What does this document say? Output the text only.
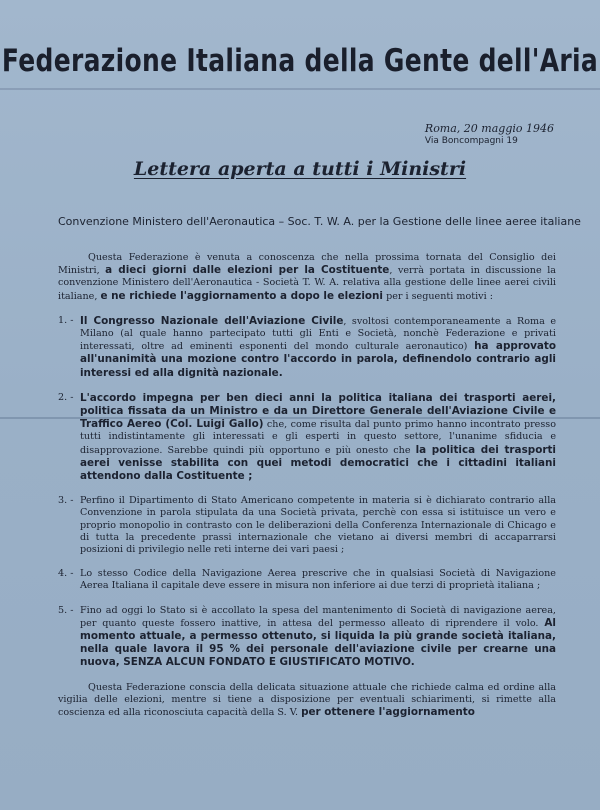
Federazione Italiana della Gente dell'Aria
Roma, 20 maggio 1946
Via Boncompagni 19
Lettera aperta a tutti i Ministri
Convenzione Ministero dell'Aeronautica – Soc. T. W. A. per la Gestione delle linee aeree italiane

Questa Federazione è venuta a conoscenza che nella prossima tornata del Consiglio dei Ministri, a dieci giorni dalle elezioni per la Costituente, verrà portata in discussione la convenzione Ministero dell'Aeronautica - Società T. W. A. relativa alla gestione delle linee aerei civili italiane, e ne richiede l'aggiornamento a dopo le elezioni per i seguenti motivi :

1. - Il Congresso Nazionale dell'Aviazione Civile, svoltosi contemporaneamente a Roma e Milano (al quale hanno partecipato tutti gli Enti e Società, nonchè Federazione e privati interessati, oltre ad eminenti esponenti del mondo culturale aeronautico) ha approvato all'unanimità una mozione contro l'accordo in parola, definendolo contrario agli interessi ed alla dignità nazionale.
2. - L'accordo impegna per ben dieci anni la politica italiana dei trasporti aerei, politica fissata da un Ministro e da un Direttore Generale dell'Aviazione Civile e Traffico Aereo (Col. Luigi Gallo) che, come risulta dal punto primo hanno incontrato presso tutti indistintamente gli interessati e gli esperti in questo settore, l'unanime sfiducia e disapprovazione. Sarebbe quindi più opportuno e più onesto che la politica dei trasporti aerei venisse stabilita con quei metodi democratici che i cittadini italiani attendono dalla Costituente ;
3. - Perfino il Dipartimento di Stato Americano competente in materia si è dichiarato contrario alla Convenzione in parola stipulata da una Società privata, perchè con essa si istituisce un vero e proprio monopolio in contrasto con le deliberazioni della Conferenza Internazionale di Chicago e di tutta la precedente prassi internazionale che vietano ai diversi membri di accaparrarsi posizioni di privilegio nelle reti interne dei vari paesi ;
4. - Lo stesso Codice della Navigazione Aerea prescrive che in qualsiasi Società di Navigazione Aerea Italiana il capitale deve essere in misura non inferiore ai due terzi di proprietà italiana ;
5. - Fino ad oggi lo Stato si è accollato la spesa del mantenimento di Società di navigazione aerea, per quanto queste fossero inattive, in attesa del permesso alleato di riprendere il volo. Al momento attuale, a permesso ottenuto, si liquida la più grande società italiana, nella quale lavora il 95 % dei personale dell'aviazione civile per crearne una nuova, SENZA ALCUN FONDATO E GIUSTIFICATO MOTIVO.

Questa Federazione conscia della delicata situazione attuale che richiede calma ed ordine alla vigilia delle elezioni, mentre si tiene a disposizione per eventuali schiarimenti, si rimette alla coscienza ed alla riconosciuta capacità della S. V. per ottenere l'aggiornamento
